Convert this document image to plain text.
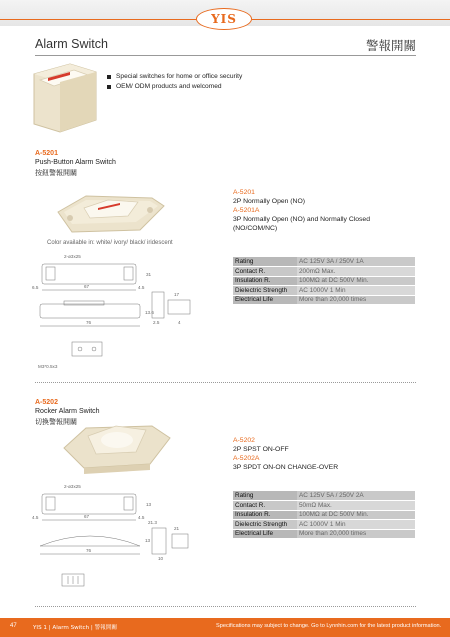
YIS
Alarm Switch	警報開關
Special switches for home or office security
OEM/ ODM products and welcomed
A-5201
Push-Button Alarm Switch
按鈕警報開關
Color available in: white/ ivory/ black/ iridescent
A-5201
2P Normally Open (NO)
A-5201A
3P Normally Open (NO) and Normally Closed (NO/COM/NC)
Rating	AC 125V 3A / 250V 1A
Contact R.	200mΩ Max.
Insulation R.	100MΩ at DC 500V Min.
Dielectric Strength	AC 1000V 1 Min
Electrical Life	More than 20,000 times
2-ø3x25
6.5	67	4.5
31
76
13.6
17
4
2.5
M3*0.5x3
A-5202
Rocker Alarm Switch
切換警報開關
A-5202
2P SPST ON-OFF
A-5202A
3P SPDT ON-ON CHANGE-OVER
Rating	AC 125V 5A / 250V 2A
Contact R.	50mΩ Max.
Insulation R.	100MΩ at DC 500V Min.
Dielectric Strength	AC 1000V 1 Min
Electrical Life	More than 20,000 times
2-ø3x25
4.5	67	4.5
13
76
13
21.3
21
10
47	YIS 1 | Alarm Switch | 警報開關	Specifications may subject to change. Go to Lynnhin.com for the latest product information.
